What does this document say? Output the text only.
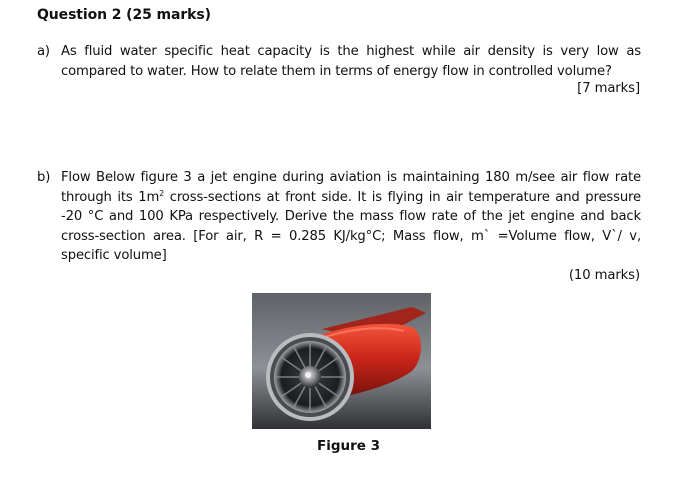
Question 2 (25 marks)
a) As fluid water specific heat capacity is the highest while air density is very low as compared to water. How to relate them in terms of energy flow in controlled volume?
[7 marks]
b) Flow Below figure 3 a jet engine during aviation is maintaining 180 m/see air flow rate through its $1m^2$ cross-sections at front side. It is flying in air temperature and pressure -20 °C and 100 KPa respectively. Derive the mass flow rate of the jet engine and back cross-section area. [For air, R = 0.285 KJ/kg°C; Mass flow, m` =Volume flow, V`/ v, specific volume]
(10 marks)
Figure 3
